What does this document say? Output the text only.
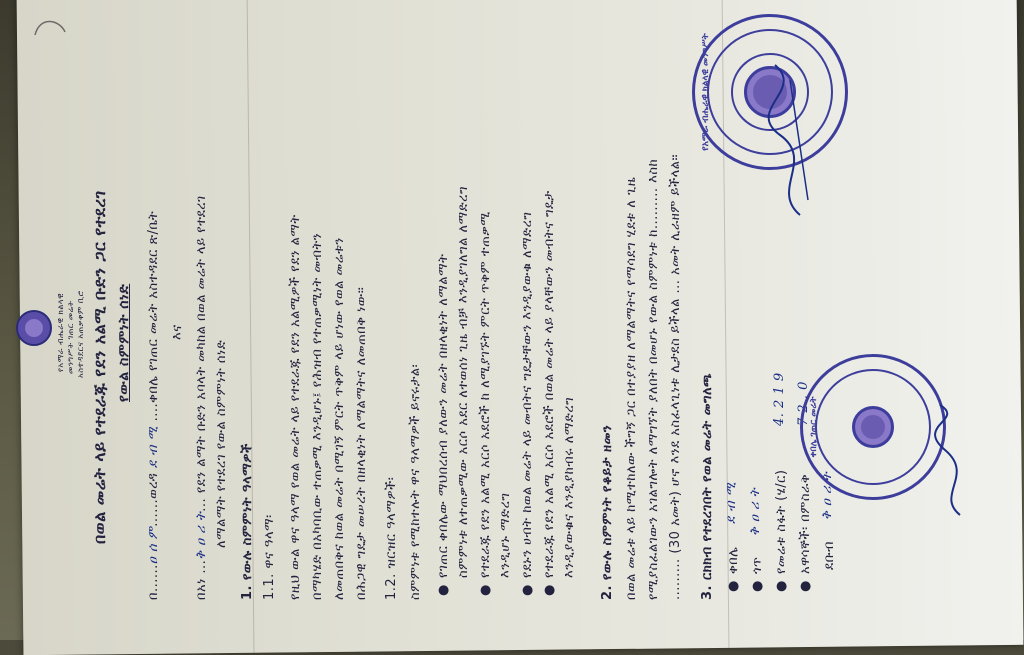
የአማራ ብሔራዊ ክልላዊ መንግሥት ገጠር መሬት አስተዳደርና አጠቃቀም ቢሮ በወል መሬት ላይ የተደራጁ የደን አልሚ ቡድን ጋር የተደረገ የውል ስምምነት ሰነድ
በ......ዐ ሰ ም......ወረዳ ደ ብ ሚ ....ቀበሌ የገጠር መሬት አስተዳደር ጽ/ቤት እና
በአነ ...ቅ ዐ ሪ ት... የደን ልማት ቡድን አባላት መካከል በወል መሬት ላይ የተደረገ ለማልማት የተደረገ የውል ስምምነት ሰነድ 1. የውሉ ስምምነት ዓላማዎች 1.1. ዋና ዓላማ፡ የዚህ ውል ዋና ዓላማ የወል መሬት ላይ የተደራጁ የደን አልሚዎች የደን ልማት በማካሄድ በአካባቢው ተጠቃሚ እንዲሆኑ፤ የሕዝብ የተጠቃሚነት መብትን ለመጠበቅና ከወል መሬት በሚገኝ ምርት ጥቅም ላይ ሆነው የወል መሬቱን በሕጋዊ ግዴታ መሠረት በዘላቂነት ለማልማትና ለመጠበቅ ነው። 1.2. ዝርዝር ዓላማዎች፡ ስምምነቱ የሚከተሉት ዋና ዓላማዎች ይኖሩታል፡ ●
የገጠር ቀበሌው ማህበረሰብ ያለውን መሬት በዘላቂነት ለማልማት ስምምነቱ ለተጠቃሚው አርሶ አደር ለተወሰነ ጊዜ ብቻ እንዲያገለግል ለማድረግ
●
የተደራጁ የደን አልሚ አርሶ አደሮች ከ ለሚያገኙት ምርት ጥቅም ተጠቃሚ እንዲሆኑ ማድረግ
●
የደኑን ሀብት ከወል መሬት ላይ መብትና ግዴታቸውን እንዲያውቁ ለማድረግ
●
የተደራጁ የደን አልሚ አርሶ አደሮች በወል መሬት ላይ ያላቸውን መብትና ግዴታ እንዲያውቁና እንዲያከብሩ ለማድረግ 2. የውሉ ስምምነት የቆይታ ዘመን በወል መሬቱ ላይ ከሚተከለው ችግኝ ጋር በተያያዘ ለማልማትና የማሳደግ ሂደቱ ለ ጊዜ የሚያስፈልገውን አገልግሎት ለማግኘት ያለበት በመሆኑ የውል ስምምነቱ ከ......... እስከ ......... (30 አመት) ሆኖ እንደ አስፈላጊነቱ ሊታደስ ይችላል ... አመት ሊራዘም ይችላል። 3. ርክክብ የተደረገበት የወል መሬት መግለጫ ●
ቀበሌ
ደ ብ ሚ
●
ጎጥ
ቅ ዐ ሪ ት
●
የመሬቱ ስፋት (ሄ/ር)
4. 2 1 9
●
አዋሳኞች፡ በምስራቅ
7 2 . 0
ደቡብ
ቅ ዐ ሪ ት
የአማራ ብሔራዊ ክልላዊ መንግሥት
ቀበሌ ገጠር መሬት
